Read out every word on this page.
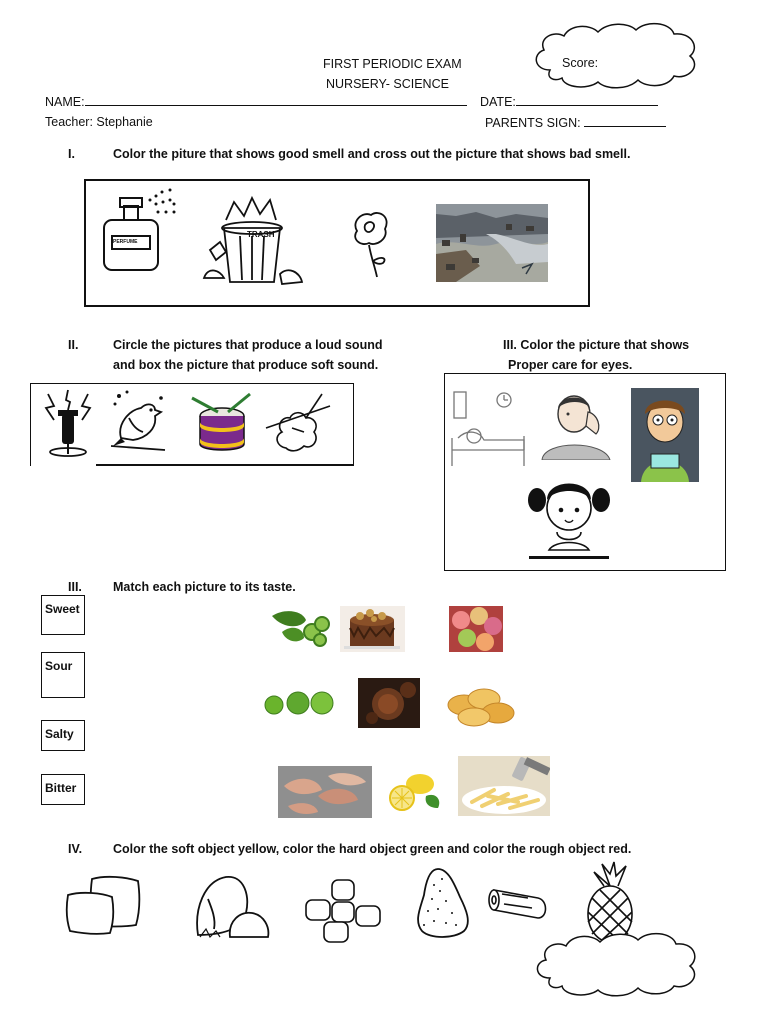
FIRST PERIODIC EXAM
NURSERY- SCIENCE
Score:
NAME:	DATE:
Teacher: Stephanie	PARENTS SIGN:
I.	Color the piture that shows good smell and cross out the picture that shows bad smell.
PERFUME
TRASH
II.	Circle the pictures that produce a loud sound
and box the picture that produce soft sound.
III. Color the picture that shows
Proper care for eyes.
III. Match each picture to its taste.
Sweet
Sour
Salty
Bitter
IV. Color the soft object yellow, color the hard object green and color the rough object red.
